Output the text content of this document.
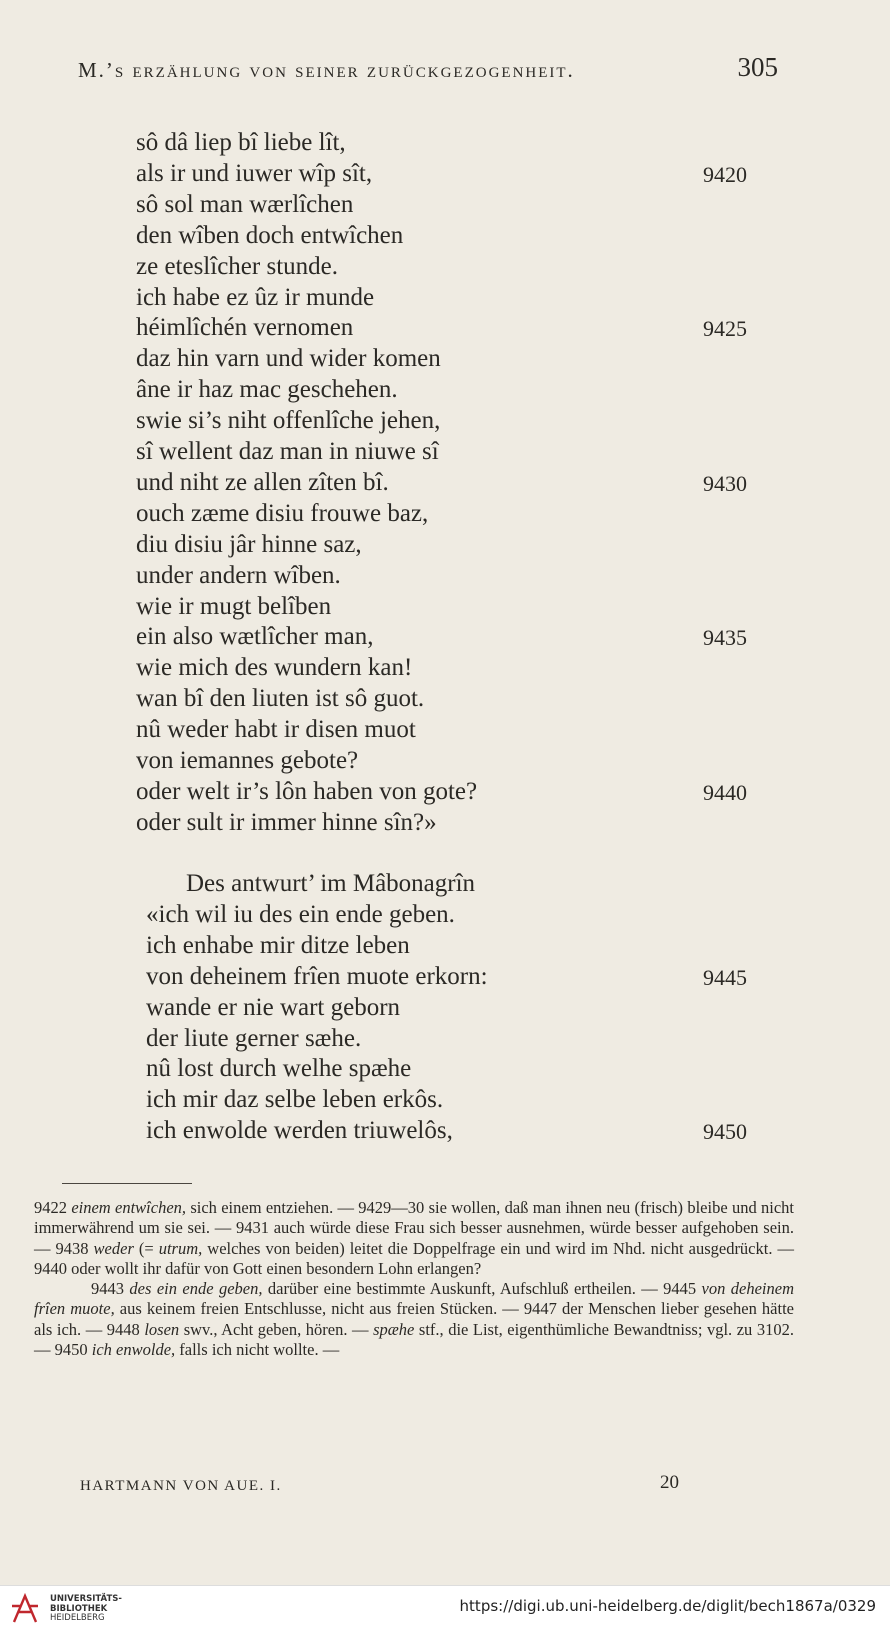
M.’s erzählung von seiner zurückgezogenheit.	305
sô dâ liep bî liebe lît,
als ir und iuwer wîp sît,	9420
sô sol man wærlîchen
den wîben doch entwîchen
ze eteslîcher stunde.
ich habe ez ûz ir munde
héimlîchén vernomen	9425
daz hin varn und wider komen
âne ir haz mac geschehen.
swie si’s niht offenlîche jehen,
sî wellent daz man in niuwe sî
und niht ze allen zîten bî.	9430
ouch zæme disiu frouwe baz,
diu disiu jâr hinne saz,
under andern wîben.
wie ir mugt belîben
ein also wætlîcher man,	9435
wie mich des wundern kan!
wan bî den liuten ist sô guot.
nû weder habt ir disen muot
von iemannes gebote?
oder welt ir’s lôn haben von gote?	9440
oder sult ir immer hinne sîn?»
Des antwurt’ im Mâbonagrîn
«ich wil iu des ein ende geben.
ich enhabe mir ditze leben
von deheinem frîen muote erkorn:	9445
wande er nie wart geborn
der liute gerner sæhe.
nû lost durch welhe spæhe
ich mir daz selbe leben erkôs.
ich enwolde werden triuwelôs,	9450

9422 einem entwîchen, sich einem entziehen. — 9429—30 sie wollen, daß man ihnen neu (frisch) bleibe und nicht immerwährend um sie sei. — 9431 auch würde diese Frau sich besser ausnehmen, würde besser aufgehoben sein. — 9438 weder (= utrum, welches von beiden) leitet die Doppelfrage ein und wird im Nhd. nicht ausgedrückt. — 9440 oder wollt ihr dafür von Gott einen besondern Lohn erlangen?

9443 des ein ende geben, darüber eine bestimmte Auskunft, Aufschluß ertheilen. — 9445 von deheinem frîen muote, aus keinem freien Entschlusse, nicht aus freien Stücken. — 9447 der Menschen lieber gesehen hätte als ich. — 9448 losen swv., Acht geben, hören. — spæhe stf., die List, eigenthümliche Bewandtniss; vgl. zu 3102. — 9450 ich enwolde, falls ich nicht wollte. —

HARTMANN VON AUE. I.	20
UNIVERSITÄTS-
BIBLIOTHEK
HEIDELBERG
https://digi.ub.uni-heidelberg.de/diglit/bech1867a/0329
